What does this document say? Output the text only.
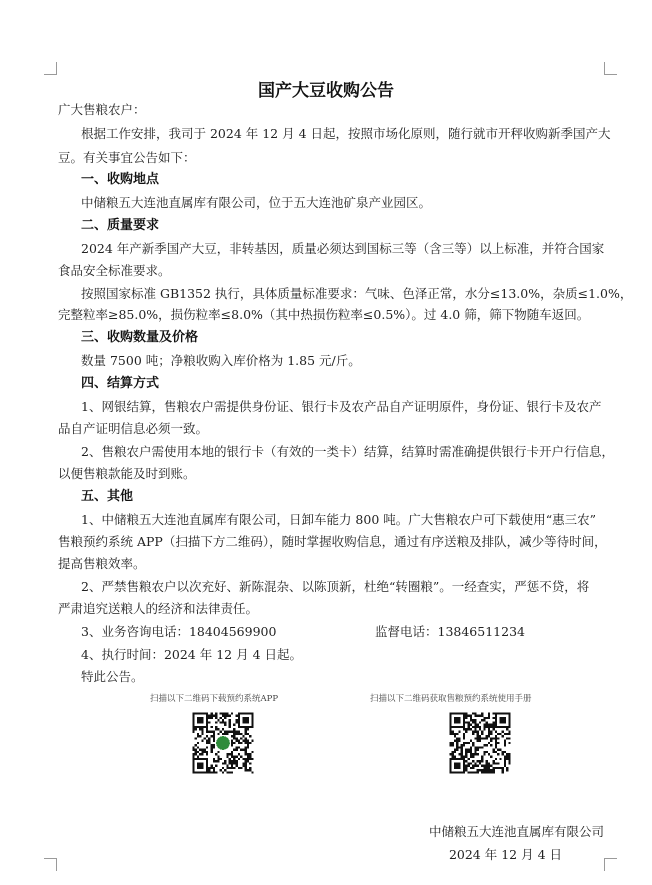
国产大豆收购公告
广大售粮农户：
根据工作安排，我司于 2024 年 12 月 4 日起，按照市场化原则，随行就市开秤收购新季国产大
豆。有关事宜公告如下：
一、收购地点
中储粮五大连池直属库有限公司，位于五大连池矿泉产业园区。
二、质量要求
2024 年产新季国产大豆，非转基因，质量必须达到国标三等（含三等）以上标准，并符合国家
食品安全标准要求。
按照国家标准 GB1352 执行，具体质量标准要求：气味、色泽正常，水分≤13.0%，杂质≤1.0%，
完整粒率≥85.0%，损伤粒率≤8.0%（其中热损伤粒率≤0.5%）。过 4.0 筛，筛下物随车返回。
三、收购数量及价格
数量 7500 吨；净粮收购入库价格为 1.85 元/斤。
四、结算方式
1、网银结算，售粮农户需提供身份证、银行卡及农产品自产证明原件，身份证、银行卡及农产
品自产证明信息必须一致。
2、售粮农户需使用本地的银行卡（有效的一类卡）结算，结算时需准确提供银行卡开户行信息，
以便售粮款能及时到账。
五、其他
1、中储粮五大连池直属库有限公司，日卸车能力 800 吨。广大售粮农户可下载使用“惠三农”
售粮预约系统 APP（扫描下方二维码），随时掌握收购信息，通过有序送粮及排队，减少等待时间，
提高售粮效率。
2、严禁售粮农户以次充好、新陈混杂、以陈顶新，杜绝“转圈粮”。一经查实，严惩不贷，将
严肃追究送粮人的经济和法律责任。
3、业务咨询电话：18404569900	监督电话：13846511234
4、执行时间：2024 年 12 月 4 日起。
特此公告。
扫描以下二维码下载预约系统APP	扫描以下二维码获取售粮预约系统使用手册
中储粮五大连池直属库有限公司
2024 年 12 月 4 日
